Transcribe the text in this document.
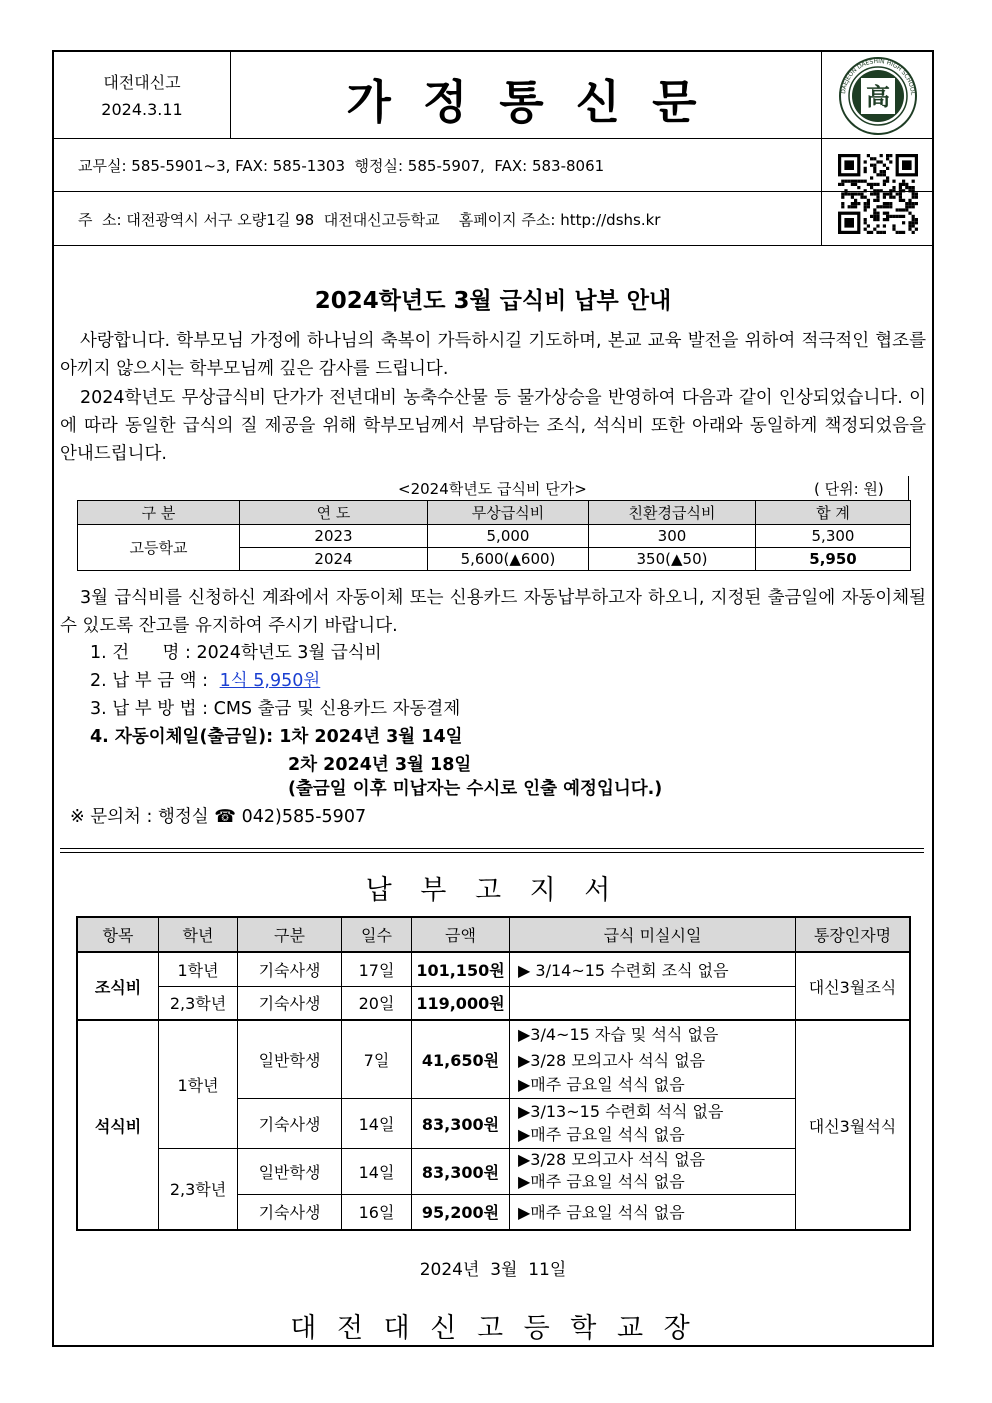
대전대신고
2024.3.11	가 정 통 신 문	高
DAEJEON DAESHIN HIGH SCHOOL
교무실: 585-5901~3, FAX: 585-1303  행정실: 585-5907,  FAX: 583-8061
주  소: 대전광역시 서구 오량1길 98  대전대신고등학교    홈페이지 주소: http://dshs.kr
2024학년도 3월 급식비 납부 안내
사랑합니다. 학부모님 가정에 하나님의 축복이 가득하시길 기도하며, 본교 교육 발전을 위하여 적극적인 협조를 아끼지 않으시는 학부모님께 깊은 감사를 드립니다.
2024학년도 무상급식비 단가가 전년대비 농축수산물 등 물가상승을 반영하여 다음과 같이 인상되었습니다. 이에 따라 동일한 급식의 질 제공을 위해 학부모님께서 부담하는 조식, 석식비 또한 아래와 동일하게 책정되었음을 안내드립니다.
<2024학년도 급식비 단가>	( 단위: 원)
구 분	연 도	무상급식비	친환경급식비	합 계
고등학교	2023	5,000	300	5,300
	2024	5,600(▲600)	350(▲50)	5,950
3월 급식비를 신청하신 계좌에서 자동이체 또는 신용카드 자동납부하고자 하오니, 지정된 출금일에 자동이체될 수 있도록 잔고를 유지하여 주시기 바랍니다.
1. 건      명 : 2024학년도 3월 급식비
2. 납 부 금 액 : 1식 5,950원
3. 납 부 방 법 : CMS 출금 및 신용카드 자동결제
4. 자동이체일(출금일): 1차 2024년 3월 14일
2차 2024년 3월 18일
(출금일 이후 미납자는 수시로 인출 예정입니다.)
※ 문의처 : 행정실 ☎ 042)585-5907
납 부 고 지 서
항목	학년	구분	일수	금액	급식 미실시일	통장인자명
조식비	1학년	기숙사생	17일	101,150원	▶ 3/14~15 수련회 조식 없음	대신3월조식
	2,3학년	기숙사생	20일	119,000원		
석식비	1학년	일반학생	7일	41,650원	▶3/4~15 자습 및 석식 없음
▶3/28 모의고사 석식 없음
▶매주 금요일 석식 없음	대신3월석식
		기숙사생	14일	83,300원	▶3/13~15 수련회 석식 없음
▶매주 금요일 석식 없음	

	2,3학년	일반학생	14일	83,300원	▶3/28 모의고사 석식 없음
▶매주 금요일 석식 없음	

		기숙사생	16일	95,200원	▶매주 금요일 석식 없음	
2024년  3월  11일
대 전 대 신 고 등 학 교 장
